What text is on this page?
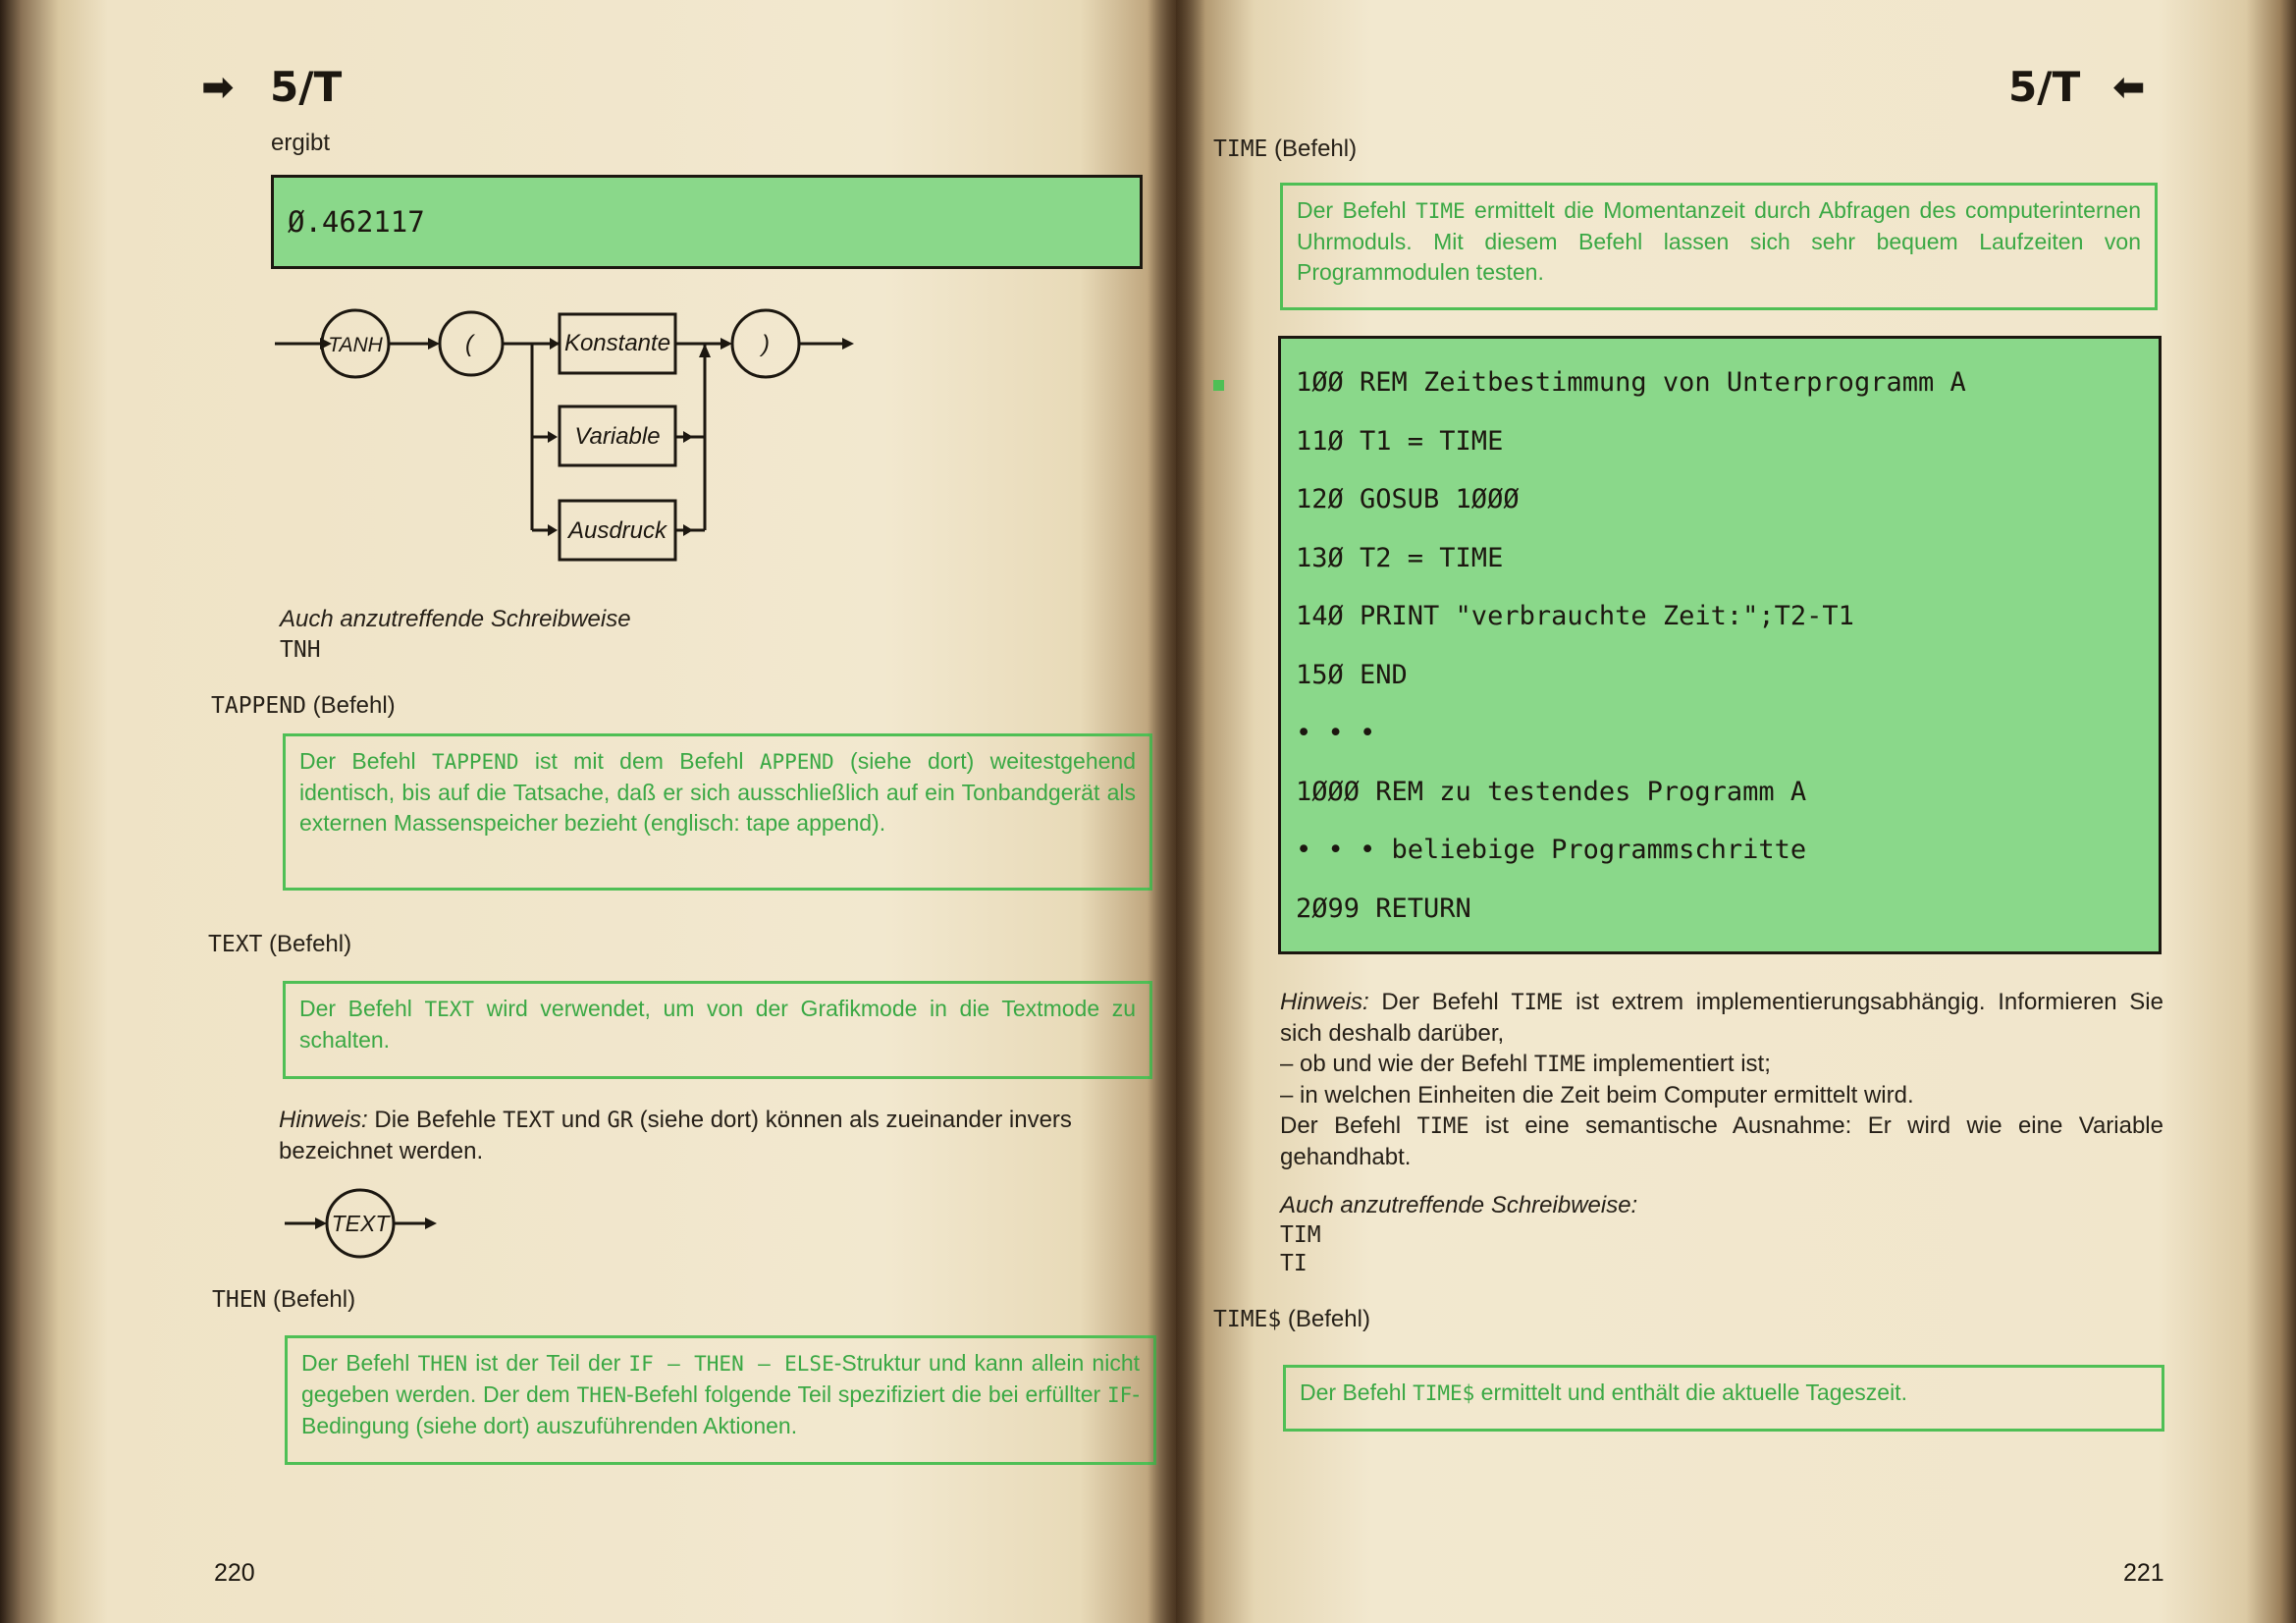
➡ 5/T
ergibt
Ø.462117
TANH	(	Konstante
Variable
Ausdruck
)
Auch anzutreffende Schreibweise
TNH
TAPPEND (Befehl)
Der Befehl TAPPEND ist mit dem Befehl APPEND (siehe dort) weitestgehend identisch, bis auf die Tatsache, daß er sich ausschließlich auf ein Tonbandgerät als externen Massenspeicher bezieht (englisch: tape append).
TEXT (Befehl)
Der Befehl TEXT wird verwendet, um von der Grafikmode in die Textmode zu schalten.
Hinweis: Die Befehle TEXT und GR (siehe dort) können als zueinander invers bezeichnet werden.
TEXT
THEN (Befehl)
Der Befehl THEN ist der Teil der IF – THEN – ELSE-Struktur und kann allein nicht gegeben werden. Der dem THEN-Befehl folgende Teil spezifiziert die bei erfüllter IF-Bedingung (siehe dort) auszuführenden Aktionen.
220
5/T ⬅
TIME (Befehl)
Der Befehl TIME ermittelt die Momentanzeit durch Abfragen des computerinternen Uhrmoduls. Mit diesem Befehl lassen sich sehr bequem Laufzeiten von Programmodulen testen.
1ØØ REM Zeitbestimmung von Unterprogramm A
11Ø T1 = TIME
12Ø GOSUB 1ØØØ
13Ø T2 = TIME
14Ø PRINT "verbrauchte Zeit:";T2-T1
15Ø END
• • •
1ØØØ REM zu testendes Programm A
• • • beliebige Programmschritte
2Ø99 RETURN
Hinweis: Der Befehl TIME ist extrem implementierungsabhängig. Informieren Sie sich deshalb darüber,
– ob und wie der Befehl TIME implementiert ist;
– in welchen Einheiten die Zeit beim Computer ermittelt wird.
Der Befehl TIME ist eine semantische Ausnahme: Er wird wie eine Variable gehandhabt.
Auch anzutreffende Schreibweise:
TIM
TI
TIME$ (Befehl)
Der Befehl TIME$ ermittelt und enthält die aktuelle Tageszeit.
221
